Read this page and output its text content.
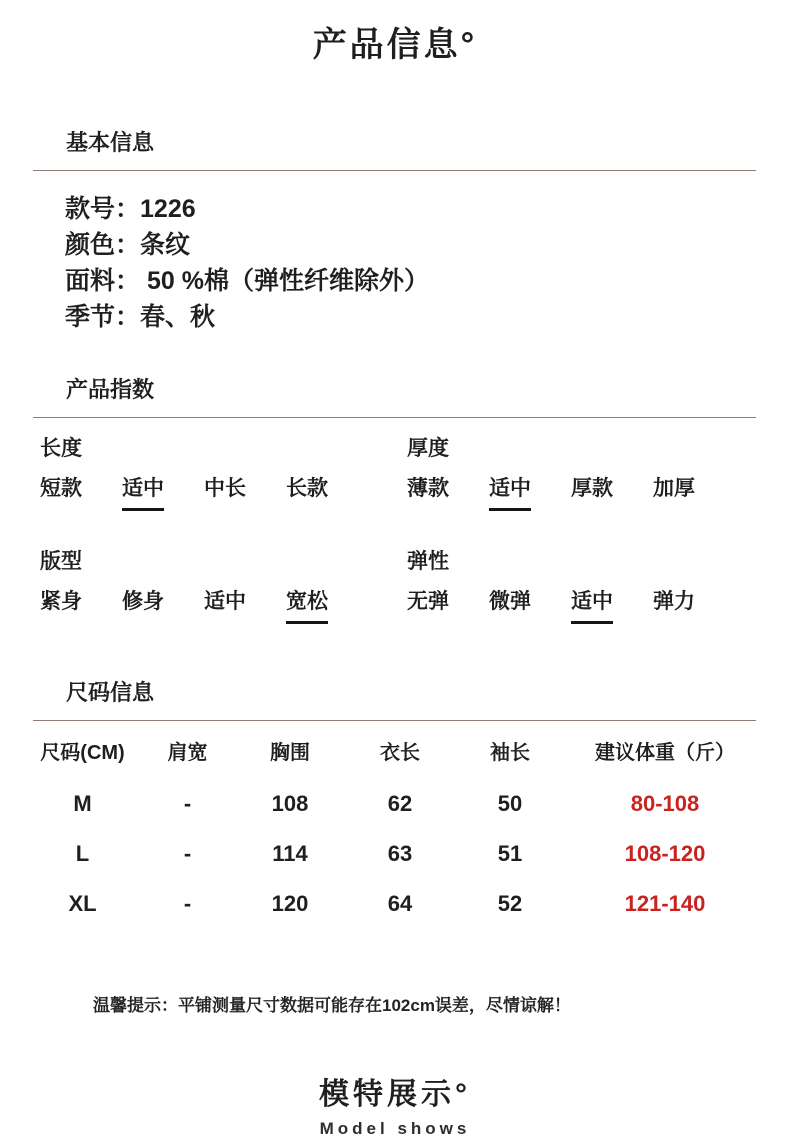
产品信息°
基本信息
款号：1226
颜色：条纹
面料： 50 %棉（弹性纤维除外）
季节：春、秋
产品指数
长度
短款 适中 中长 长款
厚度
薄款 适中 厚款 加厚
版型
紧身 修身 适中 宽松
弹性
无弹 微弹 适中 弹力
尺码信息
尺码(CM)	肩宽	胸围	衣长	袖长	建议体重（斤）
M	-	108	62	50	80-108
L	-	114	63	51	108-120
XL	-	120	64	52	121-140
温馨提示：平铺测量尺寸数据可能存在102cm误差，尽情谅解！
模特展示°
Model shows
